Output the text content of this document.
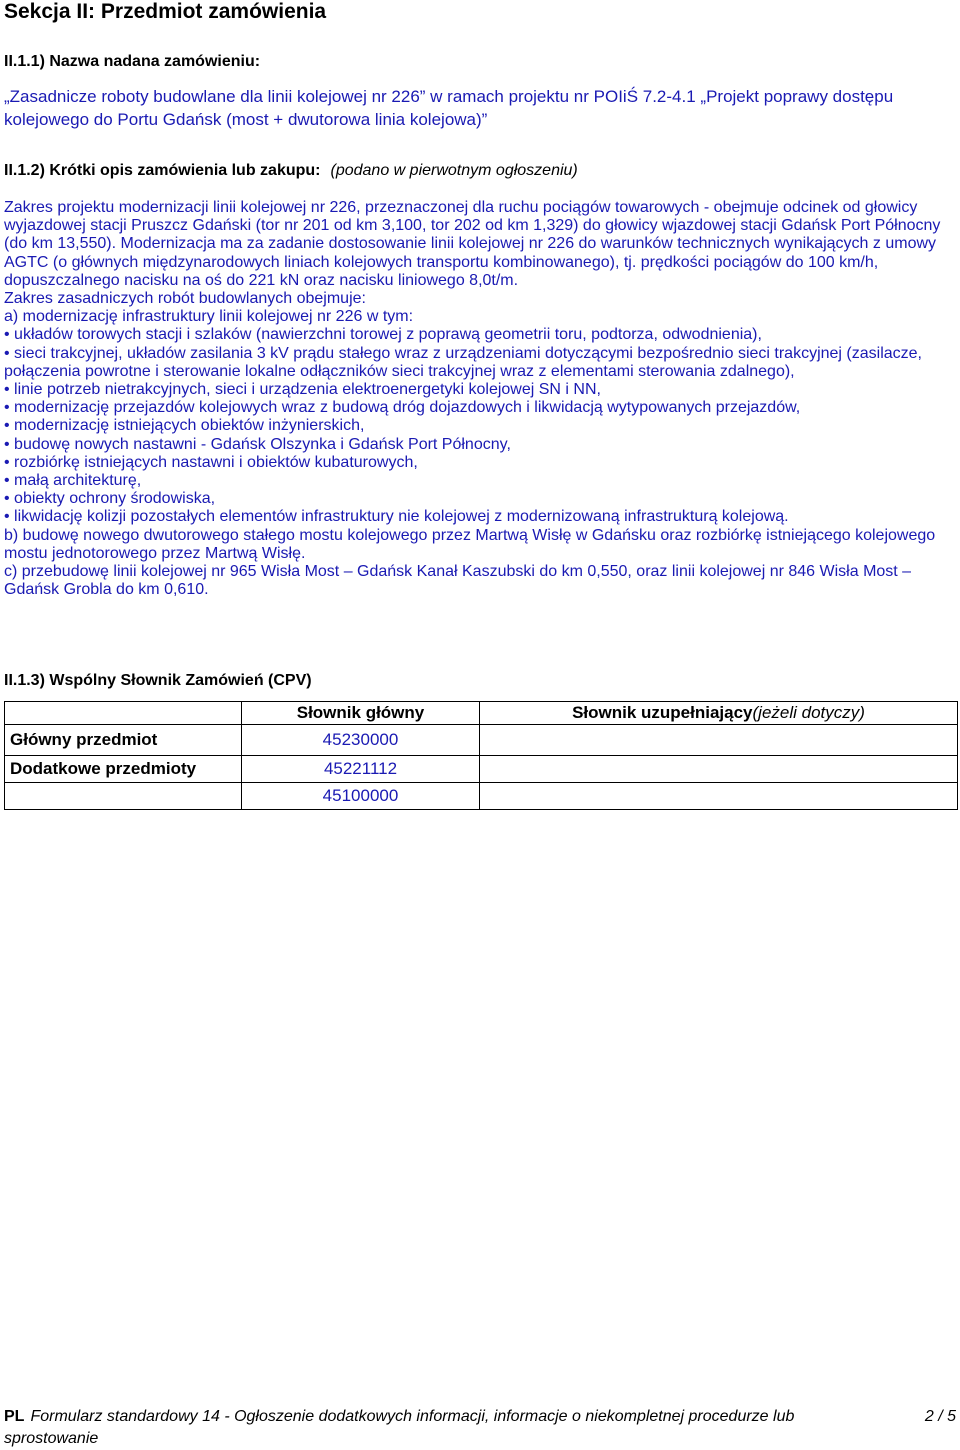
Sekcja II: Przedmiot zamówienia
II.1.1) Nazwa nadana zamówieniu:
„Zasadnicze roboty budowlane dla linii kolejowej nr 226” w ramach projektu nr POIiŚ 7.2-4.1 „Projekt poprawy dostępu kolejowego do Portu Gdańsk (most + dwutorowa linia kolejowa)”
II.1.2) Krótki opis zamówienia lub zakupu: (podano w pierwotnym ogłoszeniu)

Zakres projektu modernizacji linii kolejowej nr 226, przeznaczonej dla ruchu pociągów towarowych - obejmuje odcinek od głowicy wyjazdowej stacji Pruszcz Gdański (tor nr 201 od km 3,100, tor 202 od km 1,329) do głowicy wjazdowej stacji Gdańsk Port Północny (do km 13,550). Modernizacja ma za zadanie dostosowanie linii kolejowej nr 226 do warunków technicznych wynikających z umowy AGTC (o głównych międzynarodowych liniach kolejowych transportu kombinowanego), tj. prędkości pociągów do 100 km/h, dopuszczalnego nacisku na oś do 221 kN oraz nacisku liniowego 8,0t/m.

Zakres zasadniczych robót budowlanych obejmuje:

a) modernizację infrastruktury linii kolejowej nr 226 w tym:

• układów torowych stacji i szlaków (nawierzchni torowej z poprawą geometrii toru, podtorza, odwodnienia),

• sieci trakcyjnej, układów zasilania 3 kV prądu stałego wraz z urządzeniami dotyczącymi bezpośrednio sieci trakcyjnej (zasilacze, połączenia powrotne i sterowanie lokalne odłączników sieci trakcyjnej wraz z elementami sterowania zdalnego),

• linie potrzeb nietrakcyjnych, sieci i urządzenia elektroenergetyki kolejowej SN i NN,

• modernizację przejazdów kolejowych wraz z budową dróg dojazdowych i likwidacją wytypowanych przejazdów,

• modernizację istniejących obiektów inżynierskich,

• budowę nowych nastawni - Gdańsk Olszynka i Gdańsk Port Północny,

• rozbiórkę istniejących nastawni i obiektów kubaturowych,

• małą architekturę,

• obiekty ochrony środowiska,

• likwidację kolizji pozostałych elementów infrastruktury nie kolejowej z modernizowaną infrastrukturą kolejową.

b) budowę nowego dwutorowego stałego mostu kolejowego przez Martwą Wisłę w Gdańsku oraz rozbiórkę istniejącego kolejowego mostu jednotorowego przez Martwą Wisłę.

c) przebudowę linii kolejowej nr 965 Wisła Most – Gdańsk Kanał Kaszubski do km 0,550, oraz linii kolejowej nr 846 Wisła Most – Gdańsk Grobla do km 0,610.

II.1.3) Wspólny Słownik Zamówień (CPV)
	Słownik główny	Słownik uzupełniający(jeżeli dotyczy)
Główny przedmiot	45230000	
Dodatkowe przedmioty	45221112	
	45100000	
PL Formularz standardowy 14 - Ogłoszenie dodatkowych informacji, informacje o niekompletnej procedurze lub
sprostowanie
2 / 5
